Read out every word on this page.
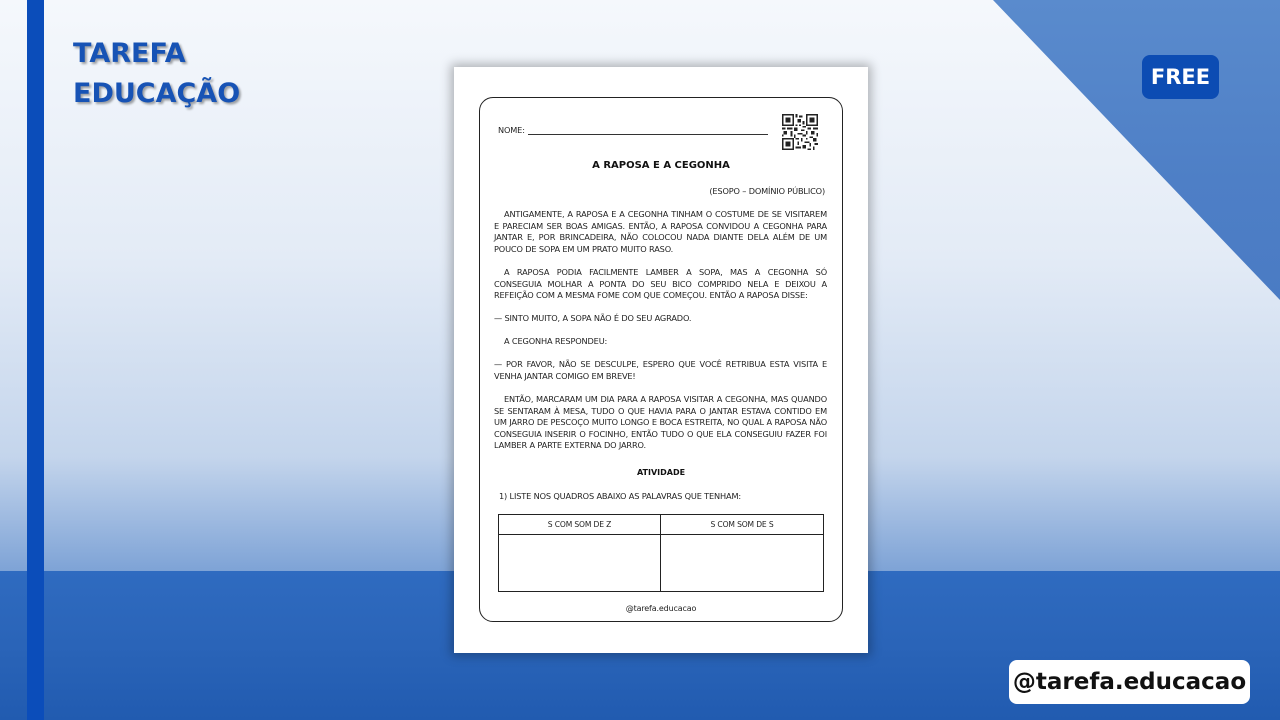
TAREFA
EDUCAÇÃO
FREE
@tarefa.educacao
NOME:
A RAPOSA E A CEGONHA
(ESOPO – DOMÍNIO PÚBLICO)
ANTIGAMENTE, A RAPOSA E A CEGONHA TINHAM O COSTUME DE SE VISITAREM E PARECIAM SER BOAS AMIGAS. ENTÃO, A RAPOSA CONVIDOU A CEGONHA PARA JANTAR E, POR BRINCADEIRA, NÃO COLOCOU NADA DIANTE DELA ALÉM DE UM POUCO DE SOPA EM UM PRATO MUITO RASO.
A RAPOSA PODIA FACILMENTE LAMBER A SOPA, MAS A CEGONHA SÓ CONSEGUIA MOLHAR A PONTA DO SEU BICO COMPRIDO NELA E DEIXOU A REFEIÇÃO COM A MESMA FOME COM QUE COMEÇOU. ENTÃO A RAPOSA DISSE:
— SINTO MUITO, A SOPA NÃO É DO SEU AGRADO.
A CEGONHA RESPONDEU:
— POR FAVOR, NÃO SE DESCULPE, ESPERO QUE VOCÊ RETRIBUA ESTA VISITA E VENHA JANTAR COMIGO EM BREVE!
ENTÃO, MARCARAM UM DIA PARA A RAPOSA VISITAR A CEGONHA, MAS QUANDO SE SENTARAM À MESA, TUDO O QUE HAVIA PARA O JANTAR ESTAVA CONTIDO EM UM JARRO DE PESCOÇO MUITO LONGO E BOCA ESTREITA, NO QUAL A RAPOSA NÃO CONSEGUIA INSERIR O FOCINHO, ENTÃO TUDO O QUE ELA CONSEGUIU FAZER FOI LAMBER A PARTE EXTERNA DO JARRO.
ATIVIDADE
1) LISTE NOS QUADROS ABAIXO AS PALAVRAS QUE TENHAM:
S COM SOM DE Z	S COM SOM DE S
@tarefa.educacao
